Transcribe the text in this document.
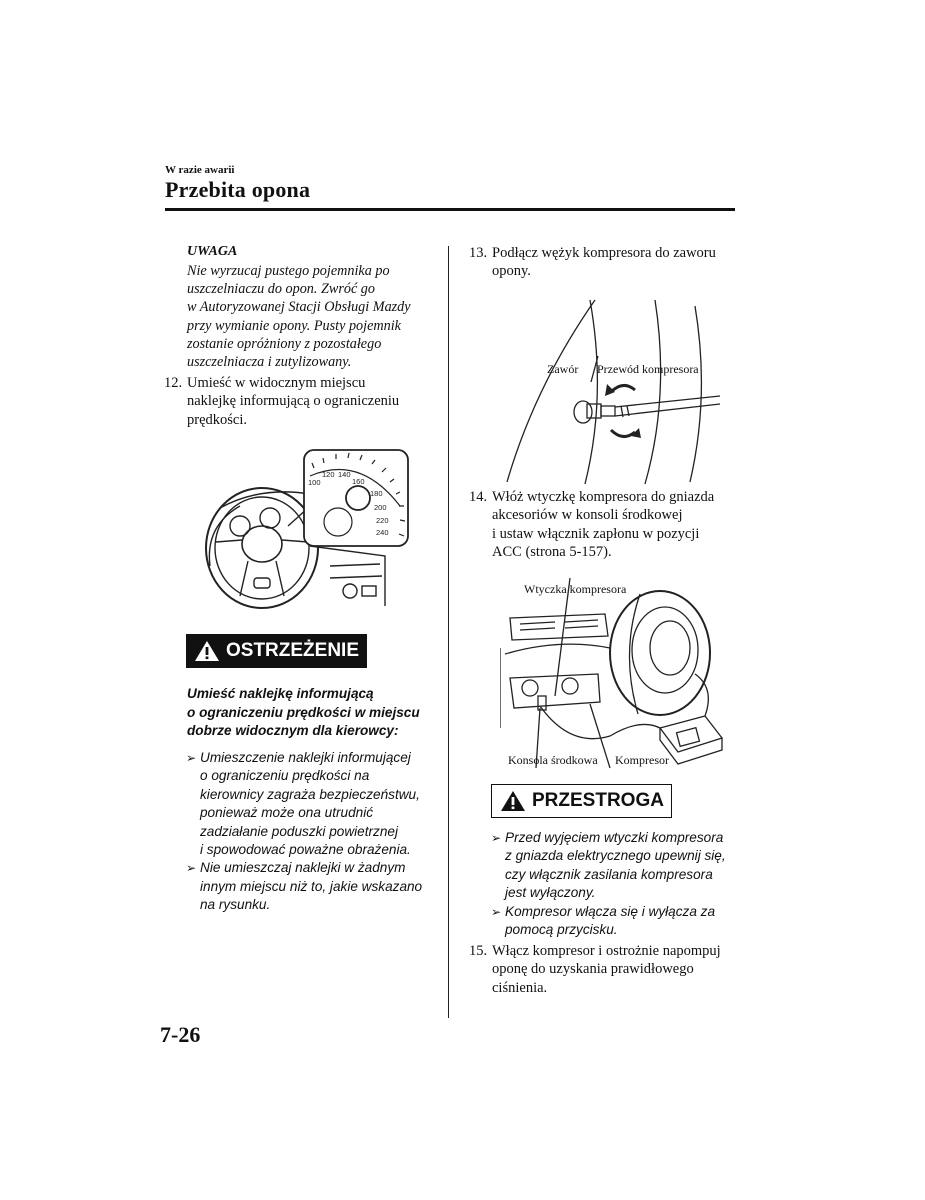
W razie awarii
Przebita opona
UWAGA
Nie wyrzucaj pustego pojemnika po
uszczelniaczu do opon. Zwróć go
w Autoryzowanej Stacji Obsługi Mazdy
przy wymianie opony. Pusty pojemnik
zostanie opróżniony z pozostałego
uszczelniacza i zutylizowany.
12. Umieść w widocznym miejscu
naklejkę informującą o ograniczeniu
prędkości.
100
120 140
160
180
200
220
240
OSTRZEŻENIE
Umieść naklejkę informującą
o ograniczeniu prędkości w miejscu
dobrze widocznym dla kierowcy:
➢ Umieszczenie naklejki informującej
o ograniczeniu prędkości na
kierownicy zagraża bezpieczeństwu,
ponieważ może ona utrudnić
zadziałanie poduszki powietrznej
i spowodować poważne obrażenia.
➢ Nie umieszczaj naklejki w żadnym
innym miejscu niż to, jakie wskazano
na rysunku.
13. Podłącz wężyk kompresora do zaworu
opony.
Zawór Przewód kompresora
14. Włóż wtyczkę kompresora do gniazda
akcesoriów w konsoli środkowej
i ustaw włącznik zapłonu w pozycji
ACC (strona 5-157).
Wtyczka kompresora
Konsola środkowa Kompresor
PRZESTROGA
➢ Przed wyjęciem wtyczki kompresora
z gniazda elektrycznego upewnij się,
czy włącznik zasilania kompresora
jest wyłączony.
➢ Kompresor włącza się i wyłącza za
pomocą przycisku.
15. Włącz kompresor i ostrożnie napompuj
oponę do uzyskania prawidłowego
ciśnienia.
7-26
